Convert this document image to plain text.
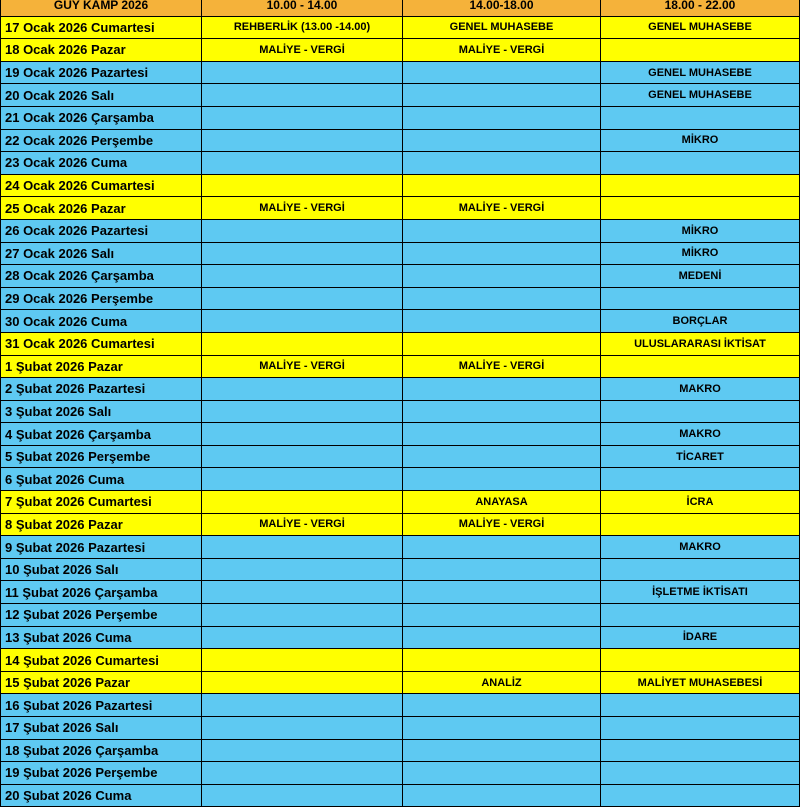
GUY KAMP 2026	10.00 - 14.00	14.00-18.00	18.00 - 22.00
17 Ocak 2026 Cumartesi	REHBERLİK (13.00 -14.00)	GENEL MUHASEBE	GENEL MUHASEBE
18 Ocak 2026 Pazar	MALİYE - VERGİ	MALİYE - VERGİ	
19 Ocak 2026 Pazartesi			GENEL MUHASEBE
20 Ocak 2026 Salı			GENEL MUHASEBE
21 Ocak 2026 Çarşamba			
22 Ocak 2026 Perşembe			MİKRO
23 Ocak 2026 Cuma			
24 Ocak 2026 Cumartesi			
25 Ocak 2026 Pazar	MALİYE - VERGİ	MALİYE - VERGİ	
26 Ocak 2026 Pazartesi			MİKRO
27 Ocak 2026 Salı			MİKRO
28 Ocak 2026 Çarşamba			MEDENİ
29 Ocak 2026 Perşembe			
30 Ocak 2026 Cuma			BORÇLAR
31 Ocak 2026 Cumartesi			ULUSLARARASI İKTİSAT
1 Şubat 2026 Pazar	MALİYE - VERGİ	MALİYE - VERGİ	
2 Şubat 2026 Pazartesi			MAKRO
3 Şubat 2026 Salı			
4 Şubat 2026 Çarşamba			MAKRO
5 Şubat 2026 Perşembe			TİCARET
6 Şubat 2026 Cuma			
7 Şubat 2026 Cumartesi		ANAYASA	İCRA
8 Şubat 2026 Pazar	MALİYE - VERGİ	MALİYE - VERGİ	
9 Şubat 2026 Pazartesi			MAKRO
10 Şubat 2026 Salı			
11 Şubat 2026 Çarşamba			İŞLETME İKTİSATI
12 Şubat 2026 Perşembe			
13 Şubat 2026 Cuma			İDARE
14 Şubat 2026 Cumartesi			
15 Şubat 2026 Pazar		ANALİZ	MALİYET MUHASEBESİ
16 Şubat 2026 Pazartesi			
17 Şubat 2026 Salı			
18 Şubat 2026 Çarşamba			
19 Şubat 2026 Perşembe			
20 Şubat 2026 Cuma			
